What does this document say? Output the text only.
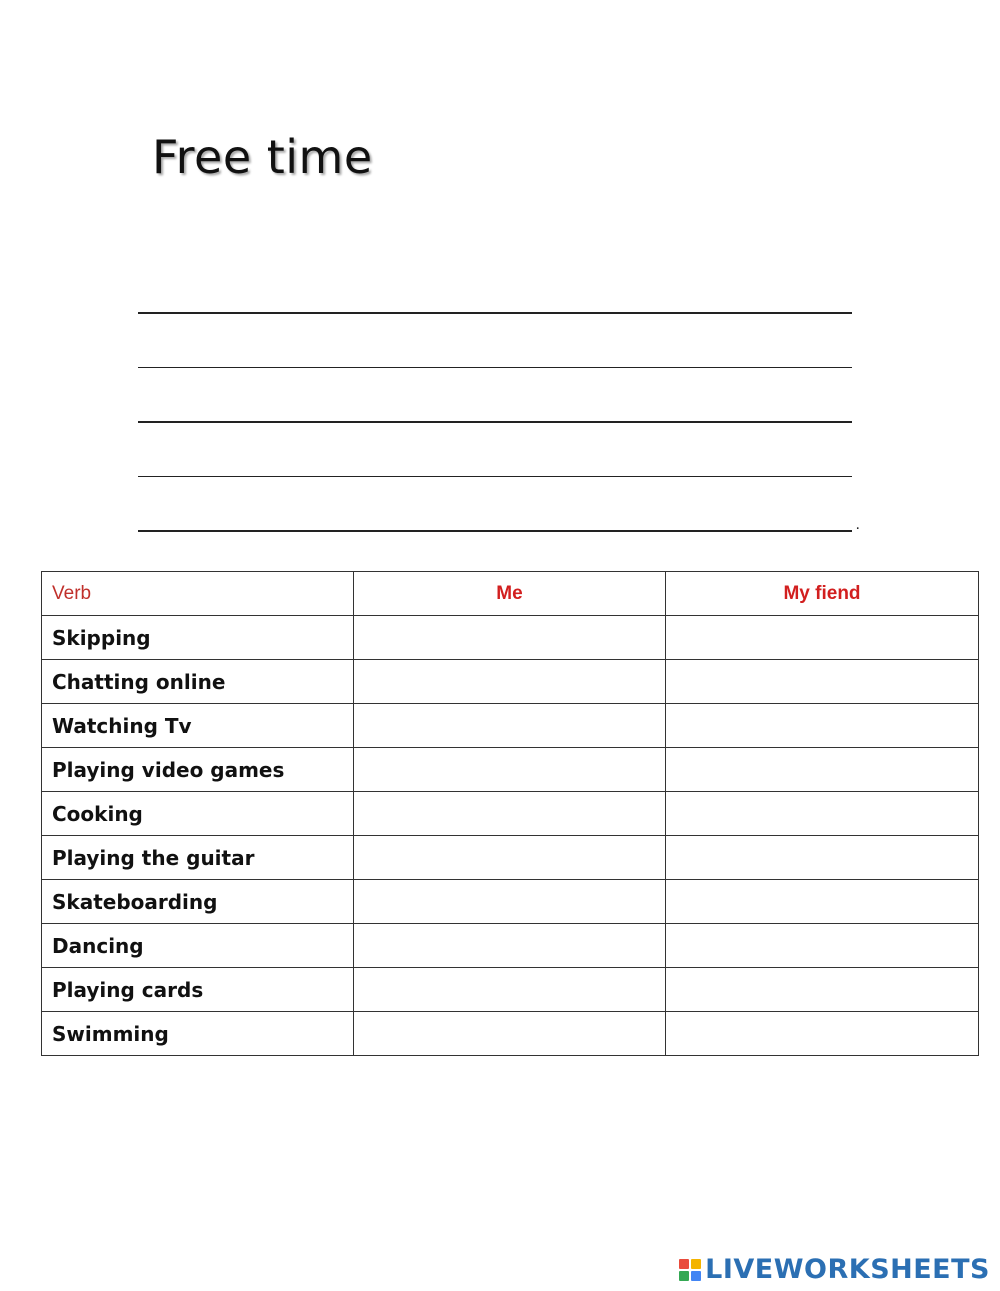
Free time
.
Verb	Me	My fiend
Skipping		
Chatting online		
Watching Tv		
Playing video games		
Cooking		
Playing the guitar		
Skateboarding		
Dancing		
Playing cards		
Swimming		
LIVEWORKSHEETS
